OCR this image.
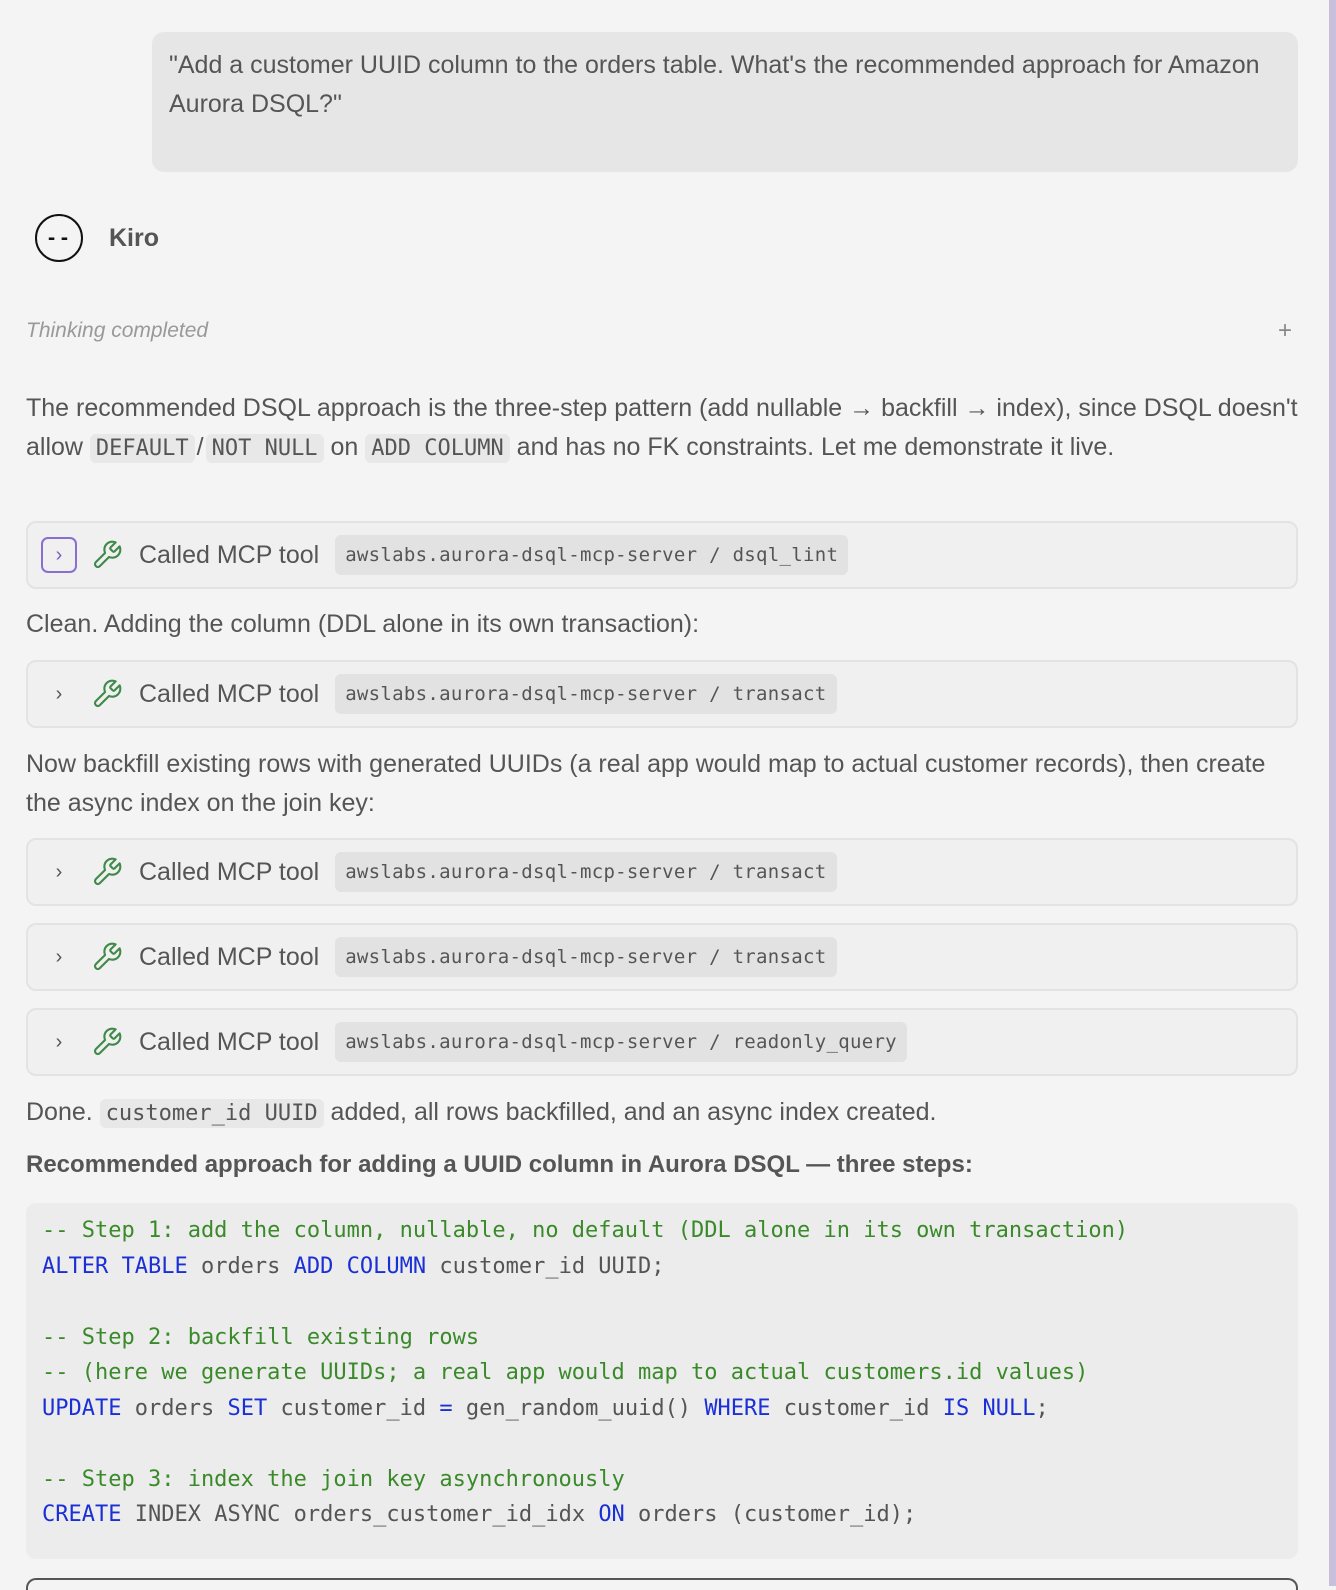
"Add a customer UUID column to the orders table. What's the recommended approach for Amazon Aurora DSQL?"
--	Kiro
Thinking completed	+
The recommended DSQL approach is the three-step pattern (add nullable → backfill → index), since DSQL doesn't allow DEFAULT / NOT NULL on ADD COLUMN and has no FK constraints. Let me demonstrate it live.
›	Called MCP tool	awslabs.aurora-dsql-mcp-server / dsql_lint
Clean. Adding the column (DDL alone in its own transaction):
›	Called MCP tool	awslabs.aurora-dsql-mcp-server / transact
Now backfill existing rows with generated UUIDs (a real app would map to actual customer records), then create the async index on the join key:
›	Called MCP tool	awslabs.aurora-dsql-mcp-server / transact
›	Called MCP tool	awslabs.aurora-dsql-mcp-server / transact
›	Called MCP tool	awslabs.aurora-dsql-mcp-server / readonly_query
Done. customer_id UUID added, all rows backfilled, and an async index created.
Recommended approach for adding a UUID column in Aurora DSQL — three steps:
-- Step 1: add the column, nullable, no default (DDL alone in its own transaction)
ALTER TABLE orders ADD COLUMN customer_id UUID;

-- Step 2: backfill existing rows
-- (here we generate UUIDs; a real app would map to actual customers.id values)
UPDATE orders SET customer_id = gen_random_uuid() WHERE customer_id IS NULL;

-- Step 3: index the join key asynchronously
CREATE INDEX ASYNC orders_customer_id_idx ON orders (customer_id);
